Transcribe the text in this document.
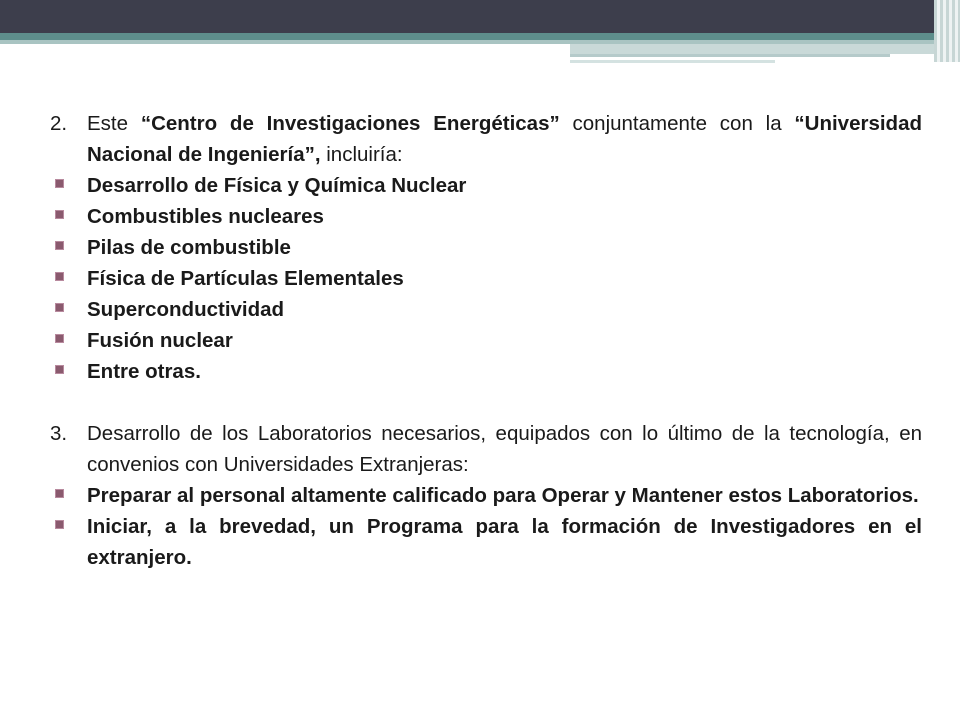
2. Este “Centro de Investigaciones Energéticas” conjuntamente con la “Universidad Nacional de Ingeniería”, incluiría:
Desarrollo de Física y Química Nuclear
Combustibles nucleares
Pilas de combustible
Física de Partículas Elementales
Superconductividad
Fusión nuclear
Entre otras.
3. Desarrollo de los Laboratorios necesarios, equipados con lo último de la tecnología, en convenios con Universidades Extranjeras:
Preparar al personal altamente calificado para Operar y Mantener estos Laboratorios.
Iniciar, a la brevedad, un Programa para la formación de Investigadores en el extranjero.
